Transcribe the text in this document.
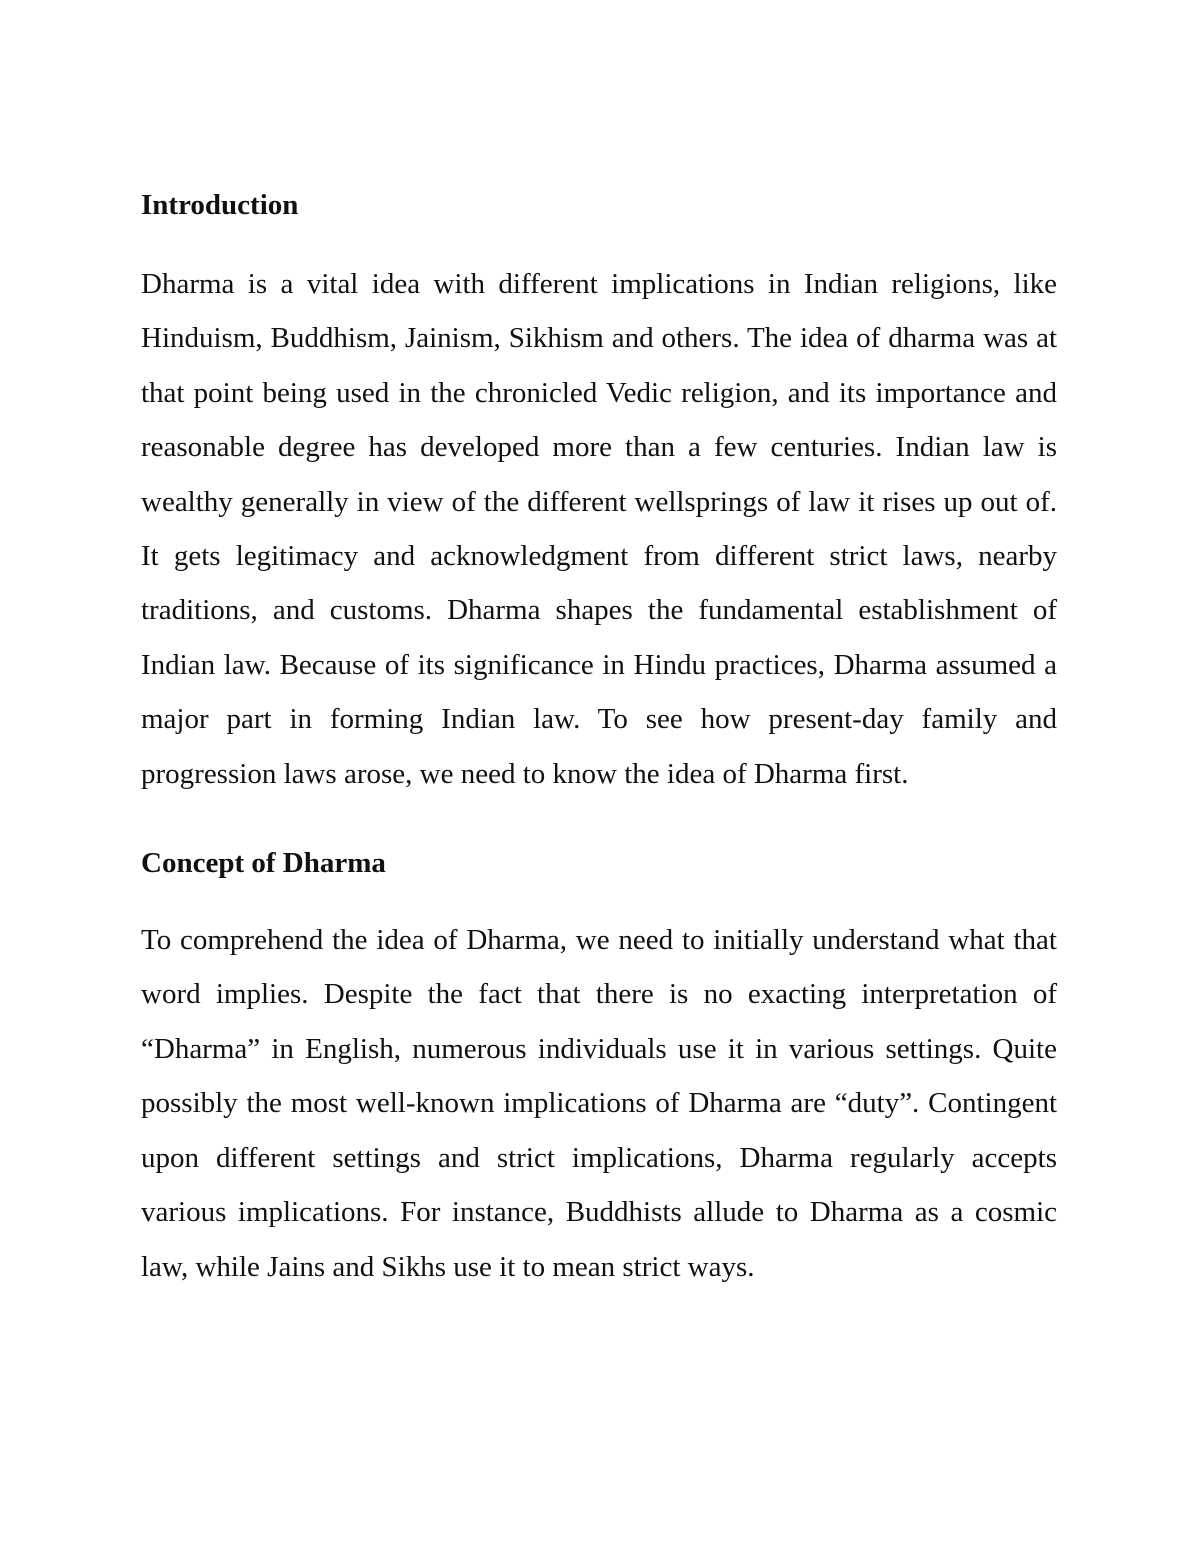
Introduction

Dharma is a vital idea with different implications in Indian religions, like Hinduism, Buddhism, Jainism, Sikhism and others. The idea of dharma was at that point being used in the chronicled Vedic religion, and its importance and reasonable degree has developed more than a few centuries. Indian law is wealthy generally in view of the different wellsprings of law it rises up out of. It gets legitimacy and acknowledgment from different strict laws, nearby traditions, and customs. Dharma shapes the fundamental establishment of Indian law. Because of its significance in Hindu practices, Dharma assumed a major part in forming Indian law. To see how present-day family and progression laws arose, we need to know the idea of Dharma first.

Concept of Dharma

To comprehend the idea of Dharma, we need to initially understand what that word implies. Despite the fact that there is no exacting interpretation of “Dharma” in English, numerous individuals use it in various settings. Quite possibly the most well-known implications of Dharma are “duty”. Contingent upon different settings and strict implications, Dharma regularly accepts various implications. For instance, Buddhists allude to Dharma as a cosmic law, while Jains and Sikhs use it to mean strict ways.
